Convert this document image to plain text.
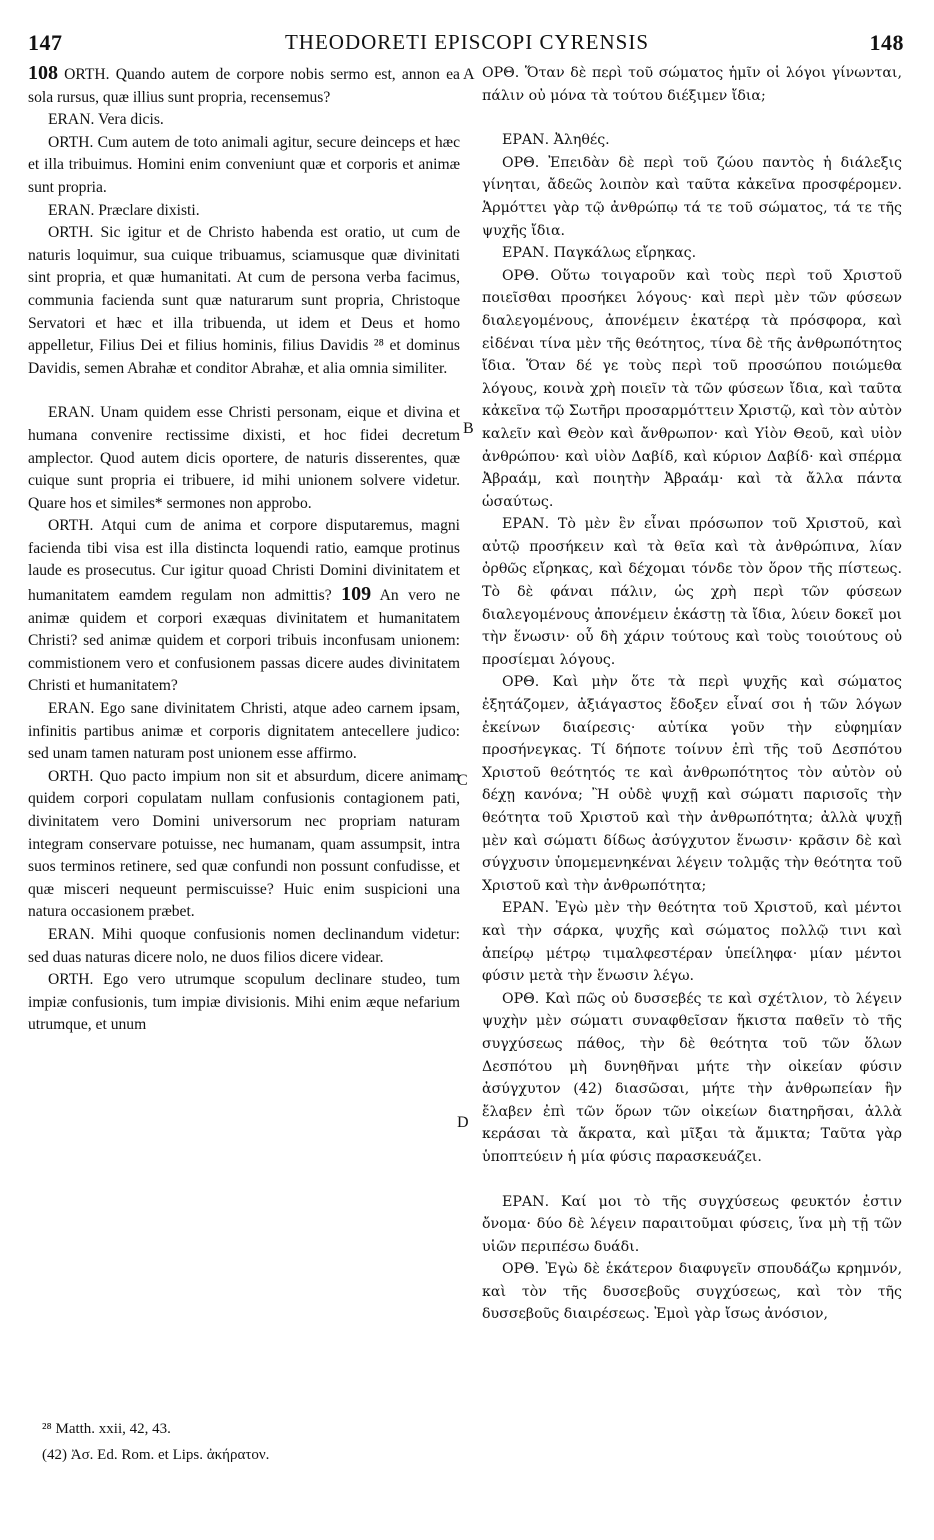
147	THEODORETI EPISCOPI CYRENSIS	148
A
B
C
D

108 ORTH. Quando autem de corpore nobis sermo est, annon ea sola rursus, quæ illius sunt propria, recensemus?

ERAN. Vera dicis.

ORTH. Cum autem de toto animali agitur, secure deinceps et hæc et illa tribuimus. Homini enim conveniunt quæ et corporis et animæ sunt propria.

ERAN. Præclare dixisti.

ORTH. Sic igitur et de Christo habenda est oratio, ut cum de naturis loquimur, sua cuique tribuamus, sciamusque quæ divinitati sint propria, et quæ humanitati. At cum de persona verba facimus, communia facienda sunt quæ naturarum sunt propria, Christoque Servatori et hæc et illa tribuenda, ut idem et Deus et homo appelletur, Filius Dei et filius hominis, filius Davidis ²⁸ et dominus Davidis, semen Abrahæ et conditor Abrahæ, et alia omnia similiter.

ERAN. Unam quidem esse Christi personam, eique et divina et humana convenire rectissime dixisti, et hoc fidei decretum amplector. Quod autem dicis oportere, de naturis disserentes, quæ cuique sunt propria ei tribuere, id mihi unionem solvere videtur. Quare hos et similes* sermones non approbo.

ORTH. Atqui cum de anima et corpore disputaremus, magni facienda tibi visa est illa distincta loquendi ratio, eamque protinus laude es prosecutus. Cur igitur quoad Christi Domini divinitatem et humanitatem eamdem regulam non admittis? 109 An vero ne animæ quidem et corpori exæquas divinitatem et humanitatem Christi? sed animæ quidem et corpori tribuis inconfusam unionem: commistionem vero et confusionem passas dicere audes divinitatem Christi et humanitatem?

ERAN. Ego sane divinitatem Christi, atque adeo carnem ipsam, infinitis partibus animæ et corporis dignitatem antecellere judico: sed unam tamen naturam post unionem esse affirmo.

ORTH. Quo pacto impium non sit et absurdum, dicere animam quidem corpori copulatam nullam confusionis contagionem pati, divinitatem vero Domini universorum nec propriam naturam integram conservare potuisse, nec humanam, quam assumpsit, intra suos terminos retinere, sed quæ confundi non possunt confudisse, et quæ misceri nequeunt permiscuisse? Huic enim suspicioni una natura occasionem præbet.

ERAN. Mihi quoque confusionis nomen declinandum videtur: sed duas naturas dicere nolo, ne duos filios dicere videar.

ORTH. Ego vero utrumque scopulum declinare studeo, tum impiæ confusionis, tum impiæ divisionis. Mihi enim æque nefarium utrumque, et unum

ΟΡΘ. Ὅταν δὲ περὶ τοῦ σώματος ἡμῖν οἱ λόγοι γίνωνται, πάλιν οὐ μόνα τὰ τούτου διέξιμεν ἴδια;

ΕΡΑΝ. Ἀληθές.

ΟΡΘ. Ἐπειδὰν δὲ περὶ τοῦ ζώου παντὸς ἡ διάλεξις γίνηται, ἄδεῶς λοιπὸν καὶ ταῦτα κἀκεῖνα προσφέρομεν. Ἁρμόττει γὰρ τῷ ἀνθρώπῳ τά τε τοῦ σώματος, τά τε τῆς ψυχῆς ἴδια.

ΕΡΑΝ. Παγκάλως εἴρηκας.

ΟΡΘ. Οὕτω τοιγαροῦν καὶ τοὺς περὶ τοῦ Χριστοῦ ποιεῖσθαι προσήκει λόγους· καὶ περὶ μὲν τῶν φύσεων διαλεγομένους, ἀπονέμειν ἑκατέρᾳ τὰ πρόσφορα, καὶ εἰδέναι τίνα μὲν τῆς θεότητος, τίνα δὲ τῆς ἀνθρωπότητος ἴδια. Ὅταν δέ γε τοὺς περὶ τοῦ προσώπου ποιώμεθα λόγους, κοινὰ χρὴ ποιεῖν τὰ τῶν φύσεων ἴδια, καὶ ταῦτα κἀκεῖνα τῷ Σωτῆρι προσαρμόττειν Χριστῷ, καὶ τὸν αὐτὸν καλεῖν καὶ Θεὸν καὶ ἄνθρωπον· καὶ Υἱὸν Θεοῦ, καὶ υἱὸν ἀνθρώπου· καὶ υἱὸν Δαβίδ, καὶ κύριον Δαβίδ· καὶ σπέρμα Ἀβραάμ, καὶ ποιητὴν Ἀβραάμ· καὶ τὰ ἄλλα πάντα ὡσαύτως.

ΕΡΑΝ. Τὸ μὲν ἓν εἶναι πρόσωπον τοῦ Χριστοῦ, καὶ αὐτῷ προσήκειν καὶ τὰ θεῖα καὶ τὰ ἀνθρώπινα, λίαν ὀρθῶς εἴρηκας, καὶ δέχομαι τόνδε τὸν ὅρον τῆς πίστεως. Τὸ δὲ φάναι πάλιν, ὡς χρὴ περὶ τῶν φύσεων διαλεγομένους ἀπονέμειν ἑκάστῃ τὰ ἴδια, λύειν δοκεῖ μοι τὴν ἕνωσιν· οὗ δὴ χάριν τούτους καὶ τοὺς τοιούτους οὐ προσίεμαι λόγους.

ΟΡΘ. Καὶ μὴν ὅτε τὰ περὶ ψυχῆς καὶ σώματος ἐξητάζομεν, ἀξιάγαστος ἔδοξεν εἶναί σοι ἡ τῶν λόγων ἐκείνων διαίρεσις· αὐτίκα γοῦν τὴν εὐφημίαν προσήνεγκας. Τί δήποτε τοίνυν ἐπὶ τῆς τοῦ Δεσπότου Χριστοῦ θεότητός τε καὶ ἀνθρωπότητος τὸν αὐτὸν οὐ δέχῃ κανόνα; Ἢ οὐδὲ ψυχῇ καὶ σώματι παρισοῖς τὴν θεότητα τοῦ Χριστοῦ καὶ τὴν ἀνθρωπότητα; ἀλλὰ ψυχῇ μὲν καὶ σώματι δίδως ἀσύγχυτον ἕνωσιν· κρᾶσιν δὲ καὶ σύγχυσιν ὑπομεμενηκέναι λέγειν τολμᾷς τὴν θεότητα τοῦ Χριστοῦ καὶ τὴν ἀνθρωπότητα;

ΕΡΑΝ. Ἐγὼ μὲν τὴν θεότητα τοῦ Χριστοῦ, καὶ μέντοι καὶ τὴν σάρκα, ψυχῆς καὶ σώματος πολλῷ τινι καὶ ἀπείρῳ μέτρῳ τιμαλφεστέραν ὑπείληφα· μίαν μέντοι φύσιν μετὰ τὴν ἕνωσιν λέγω.

ΟΡΘ. Καὶ πῶς οὐ δυσσεβές τε καὶ σχέτλιον, τὸ λέγειν ψυχὴν μὲν σώματι συναφθεῖσαν ἥκιστα παθεῖν τὸ τῆς συγχύσεως πάθος, τὴν δὲ θεότητα τοῦ τῶν ὅλων Δεσπότου μὴ δυνηθῆναι μήτε τὴν οἰκείαν φύσιν ἀσύγχυτον (42) διασῶσαι, μήτε τὴν ἀνθρωπείαν ἣν ἔλαβεν ἐπὶ τῶν ὅρων τῶν οἰκείων διατηρῆσαι, ἀλλὰ κεράσαι τὰ ἄκρατα, καὶ μῖξαι τὰ ἄμικτα; Ταῦτα γὰρ ὑποπτεύειν ἡ μία φύσις παρασκευάζει.

ΕΡΑΝ. Καί μοι τὸ τῆς συγχύσεως φευκτόν ἐστιν ὄνομα· δύο δὲ λέγειν παραιτοῦμαι φύσεις, ἵνα μὴ τῇ τῶν υἱῶν περιπέσω δυάδι.

ΟΡΘ. Ἐγὼ δὲ ἑκάτερον διαφυγεῖν σπουδάζω κρημνόν, καὶ τὸν τῆς δυσσεβοῦς συγχύσεως, καὶ τὸν τῆς δυσσεβοῦς διαιρέσεως. Ἐμοὶ γὰρ ἴσως ἀνόσιον,

²⁸ Matth. xxii, 42, 43.
(42) Ἀσ. Ed. Rom. et Lips. ἀκήρατον.
